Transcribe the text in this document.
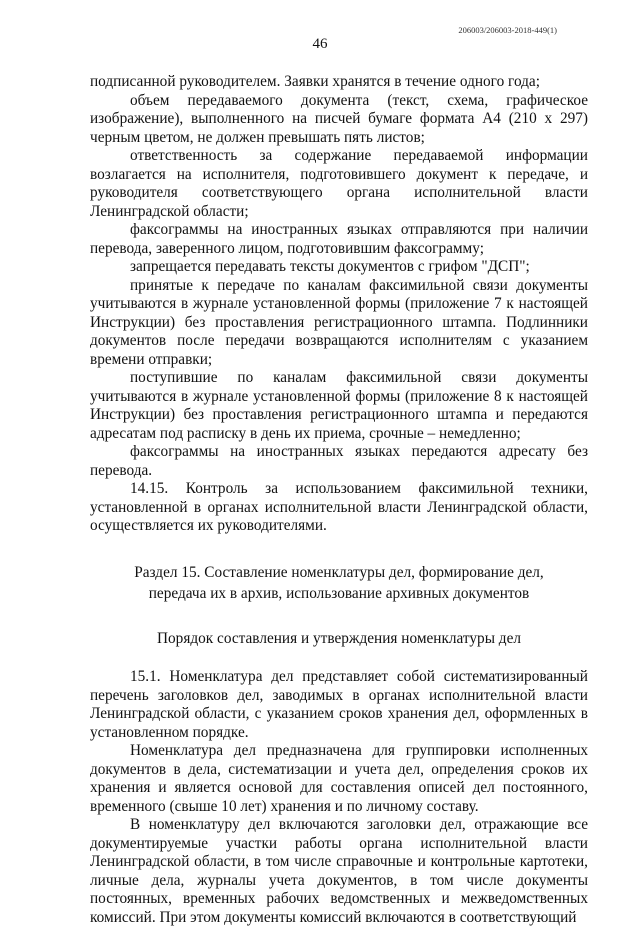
206003/206003-2018-449(1)
46

подписанной руководителем. Заявки хранятся в течение одного года;

объем передаваемого документа (текст, схема, графическое изображение), выполненного на писчей бумаге формата А4 (210 х 297) черным цветом, не должен превышать пять листов;

ответственность за содержание передаваемой информации возлагается на исполнителя, подготовившего документ к передаче, и руководителя соответствующего органа исполнительной власти Ленинградской области;

факсограммы на иностранных языках отправляются при наличии перевода, заверенного лицом, подготовившим факсограмму;

запрещается передавать тексты документов с грифом "ДСП";

принятые к передаче по каналам факсимильной связи документы учитываются в журнале установленной формы (приложение 7 к настоящей Инструкции) без проставления регистрационного штампа. Подлинники документов после передачи возвращаются исполнителям с указанием времени отправки;

поступившие по каналам факсимильной связи документы учитываются в журнале установленной формы (приложение 8 к настоящей Инструкции) без проставления регистрационного штампа и передаются адресатам под расписку в день их приема, срочные – немедленно;

факсограммы на иностранных языках передаются адресату без перевода.

14.15. Контроль за использованием факсимильной техники, установленной в органах исполнительной власти Ленинградской области, осуществляется их руководителями.

Раздел 15. Составление номенклатуры дел, формирование дел,
передача их в архив, использование архивных документов

Порядок составления и утверждения номенклатуры дел

15.1. Номенклатура дел представляет собой систематизированный перечень заголовков дел, заводимых в органах исполнительной власти Ленинградской области, с указанием сроков хранения дел, оформленных в установленном порядке.

Номенклатура дел предназначена для группировки исполненных документов в дела, систематизации и учета дел, определения сроков их хранения и является основой для составления описей дел постоянного, временного (свыше 10 лет) хранения и по личному составу.

В номенклатуру дел включаются заголовки дел, отражающие все документируемые участки работы органа исполнительной власти Ленинградской области, в том числе справочные и контрольные картотеки, личные дела, журналы учета документов, в том числе документы постоянных, временных рабочих ведомственных и межведомственных комиссий. При этом документы комиссий включаются в соответствующий
